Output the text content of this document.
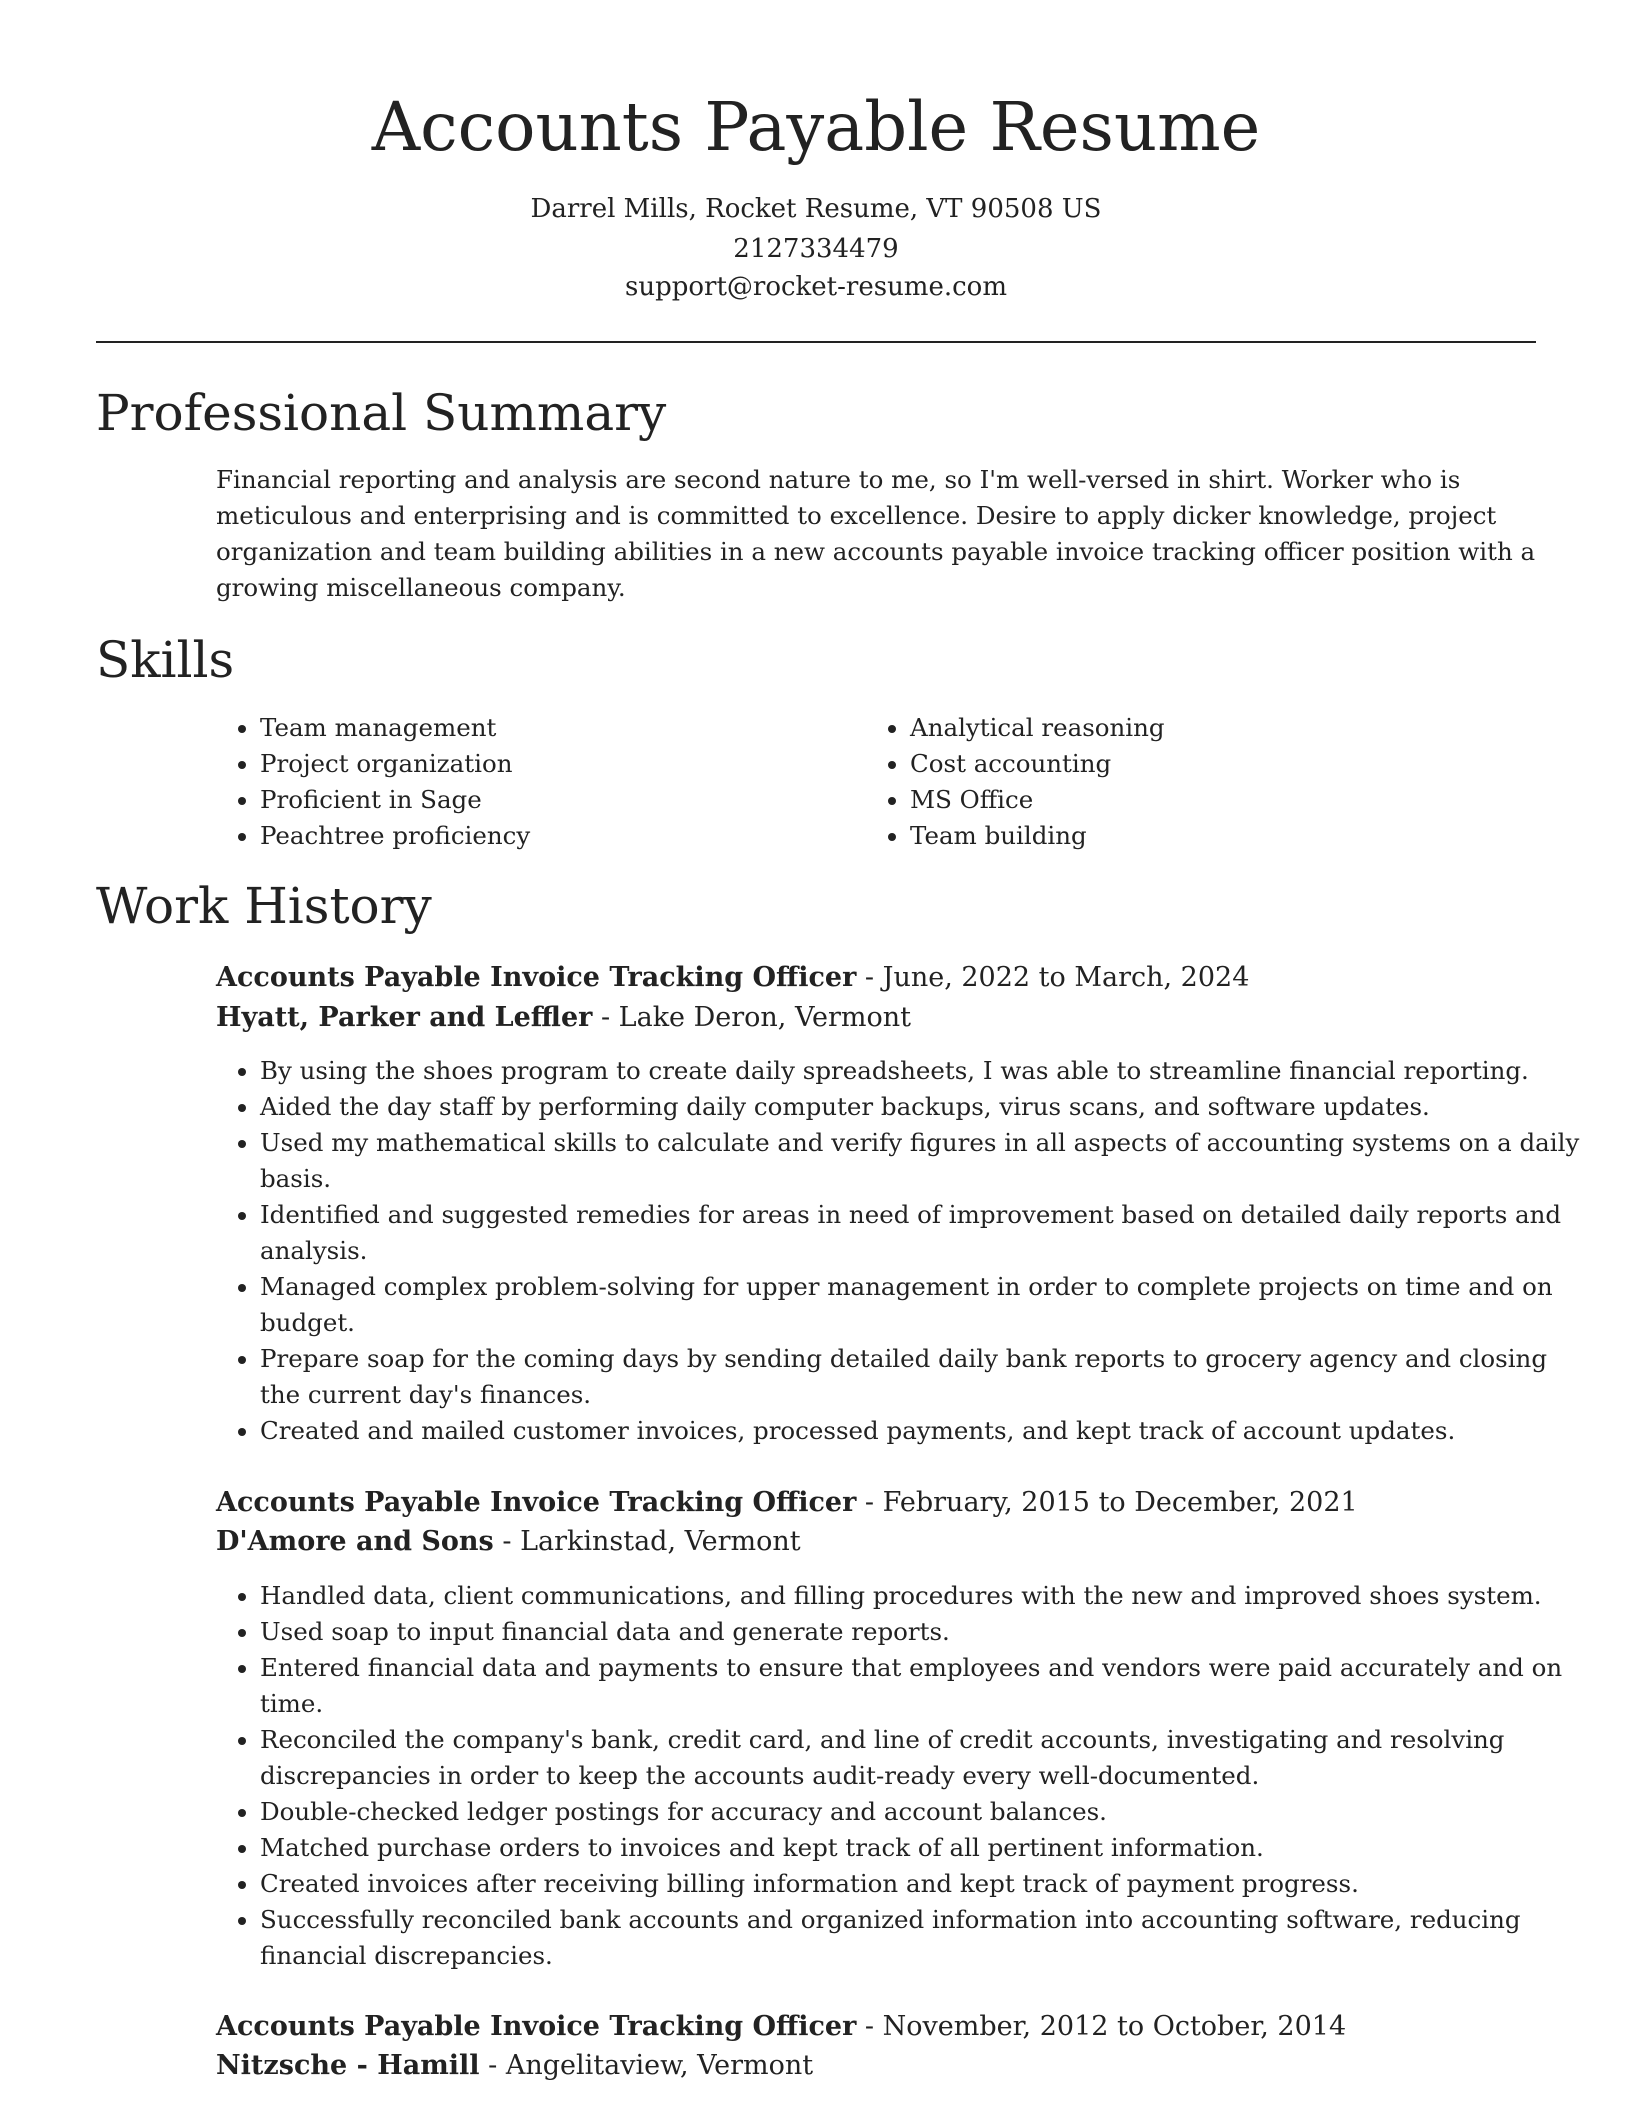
Accounts Payable Resume
Darrel Mills, Rocket Resume, VT 90508 US
2127334479
support@rocket-resume.com
Professional Summary

Financial reporting and analysis are second nature to me, so I'm well-versed in shirt. Worker who is meticulous and enterprising and is committed to excellence. Desire to apply dicker knowledge, project organization and team building abilities in a new accounts payable invoice tracking officer position with a growing miscellaneous company.

Skills
• Team management
• Project organization
• Proficient in Sage
• Peachtree proficiency
• Analytical reasoning
• Cost accounting
• MS Office
• Team building
Work History
Accounts Payable Invoice Tracking Officer - June, 2022 to March, 2024
Hyatt, Parker and Leffler - Lake Deron, Vermont
• By using the shoes program to create daily spreadsheets, I was able to streamline financial reporting.
• Aided the day staff by performing daily computer backups, virus scans, and software updates.
• Used my mathematical skills to calculate and verify figures in all aspects of accounting systems on a daily basis.
• Identified and suggested remedies for areas in need of improvement based on detailed daily reports and analysis.
• Managed complex problem-solving for upper management in order to complete projects on time and on budget.
• Prepare soap for the coming days by sending detailed daily bank reports to grocery agency and closing the current day's finances.
• Created and mailed customer invoices, processed payments, and kept track of account updates.
Accounts Payable Invoice Tracking Officer - February, 2015 to December, 2021
D'Amore and Sons - Larkinstad, Vermont
• Handled data, client communications, and filling procedures with the new and improved shoes system.
• Used soap to input financial data and generate reports.
• Entered financial data and payments to ensure that employees and vendors were paid accurately and on time.
• Reconciled the company's bank, credit card, and line of credit accounts, investigating and resolving discrepancies in order to keep the accounts audit-ready every well-documented.
• Double-checked ledger postings for accuracy and account balances.
• Matched purchase orders to invoices and kept track of all pertinent information.
• Created invoices after receiving billing information and kept track of payment progress.
• Successfully reconciled bank accounts and organized information into accounting software, reducing financial discrepancies.
Accounts Payable Invoice Tracking Officer - November, 2012 to October, 2014
Nitzsche - Hamill - Angelitaview, Vermont
